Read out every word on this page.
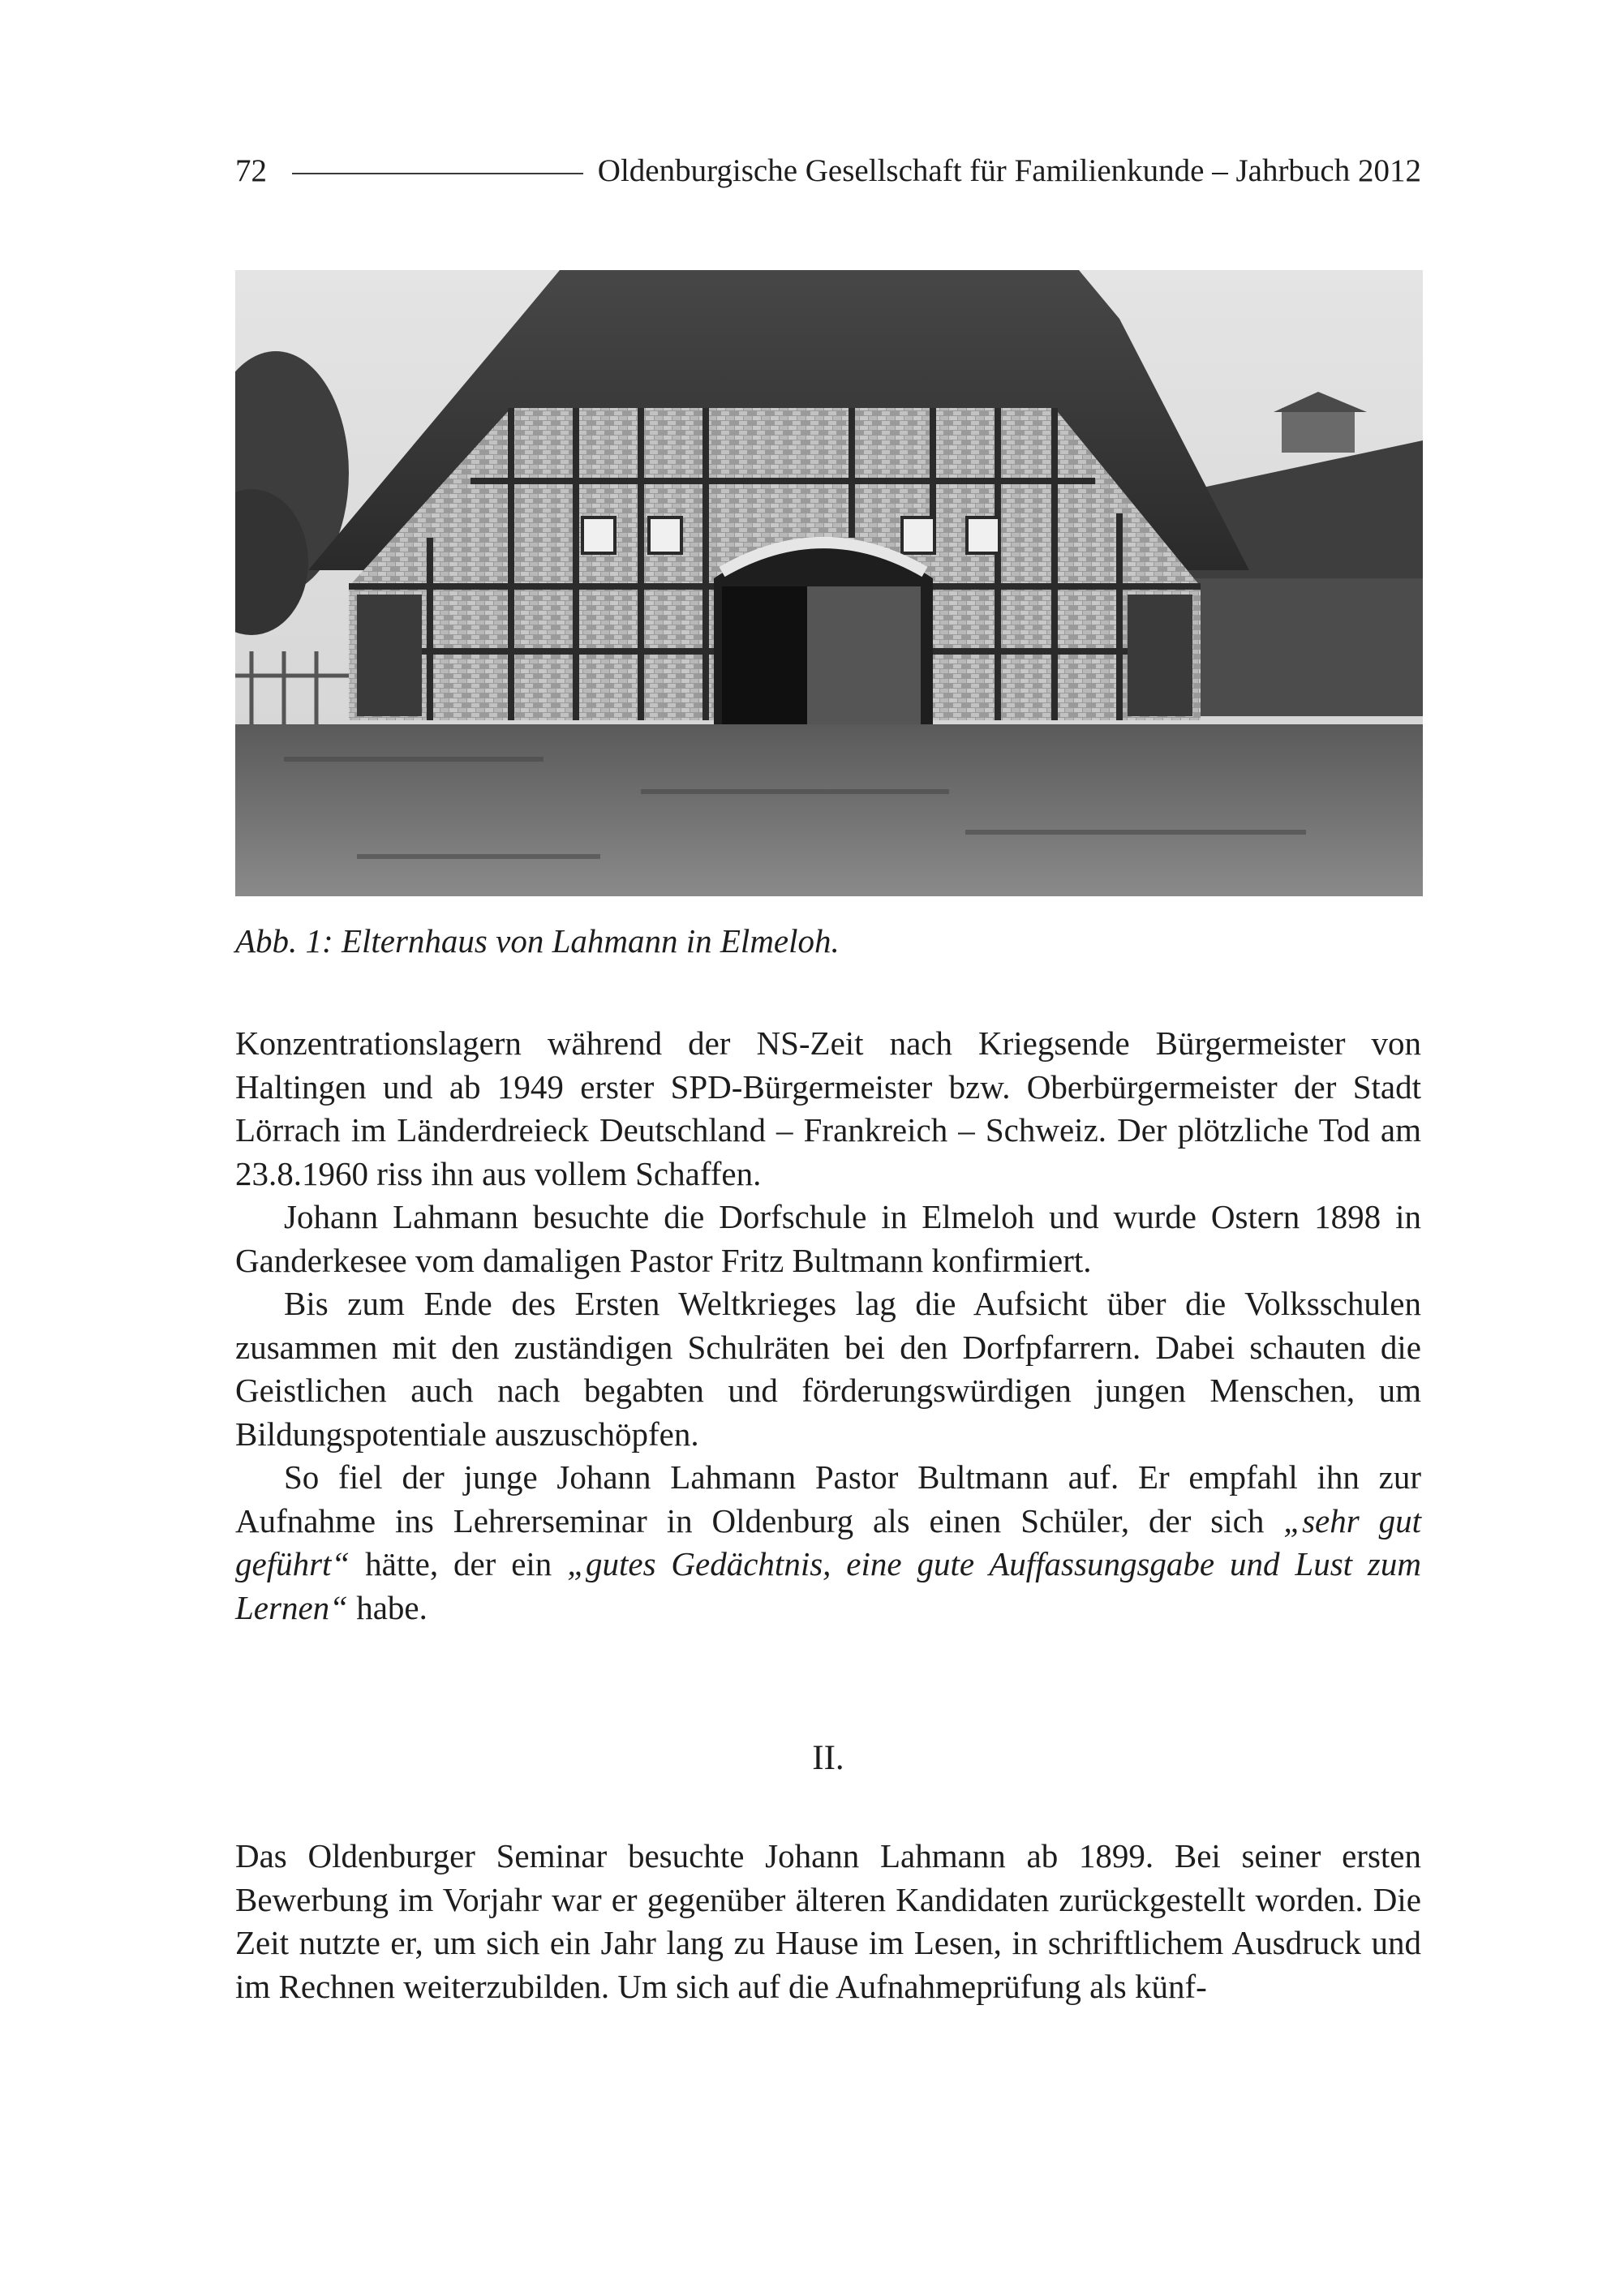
72	Oldenburgische Gesellschaft für Familienkunde – Jahrbuch 2012
Abb. 1: Elternhaus von Lahmann in Elmeloh.

Konzentrationslagern während der NS-Zeit nach Kriegsende Bürgermeister von Haltingen und ab 1949 erster SPD-Bürgermeister bzw. Oberbürgermeister der Stadt Lörrach im Länderdreieck Deutschland – Frankreich – Schweiz. Der plötzliche Tod am 23.8.1960 riss ihn aus vollem Schaffen.

Johann Lahmann besuchte die Dorfschule in Elmeloh und wurde Ostern 1898 in Ganderkesee vom damaligen Pastor Fritz Bultmann konfirmiert.

Bis zum Ende des Ersten Weltkrieges lag die Aufsicht über die Volksschulen zusammen mit den zuständigen Schulräten bei den Dorfpfarrern. Dabei schauten die Geistlichen auch nach begabten und förderungswürdigen jungen Menschen, um Bildungspotentiale auszuschöpfen.

So fiel der junge Johann Lahmann Pastor Bultmann auf. Er empfahl ihn zur Aufnahme ins Lehrerseminar in Oldenburg als einen Schüler, der sich „sehr gut geführt“ hätte, der ein „gutes Gedächtnis, eine gute Auffassungsgabe und Lust zum Lernen“ habe.

II.

Das Oldenburger Seminar besuchte Johann Lahmann ab 1899. Bei seiner ersten Bewerbung im Vorjahr war er gegenüber älteren Kandidaten zurückgestellt worden. Die Zeit nutzte er, um sich ein Jahr lang zu Hause im Lesen, in schriftlichem Ausdruck und im Rechnen weiterzubilden. Um sich auf die Aufnahmeprüfung als künf-
